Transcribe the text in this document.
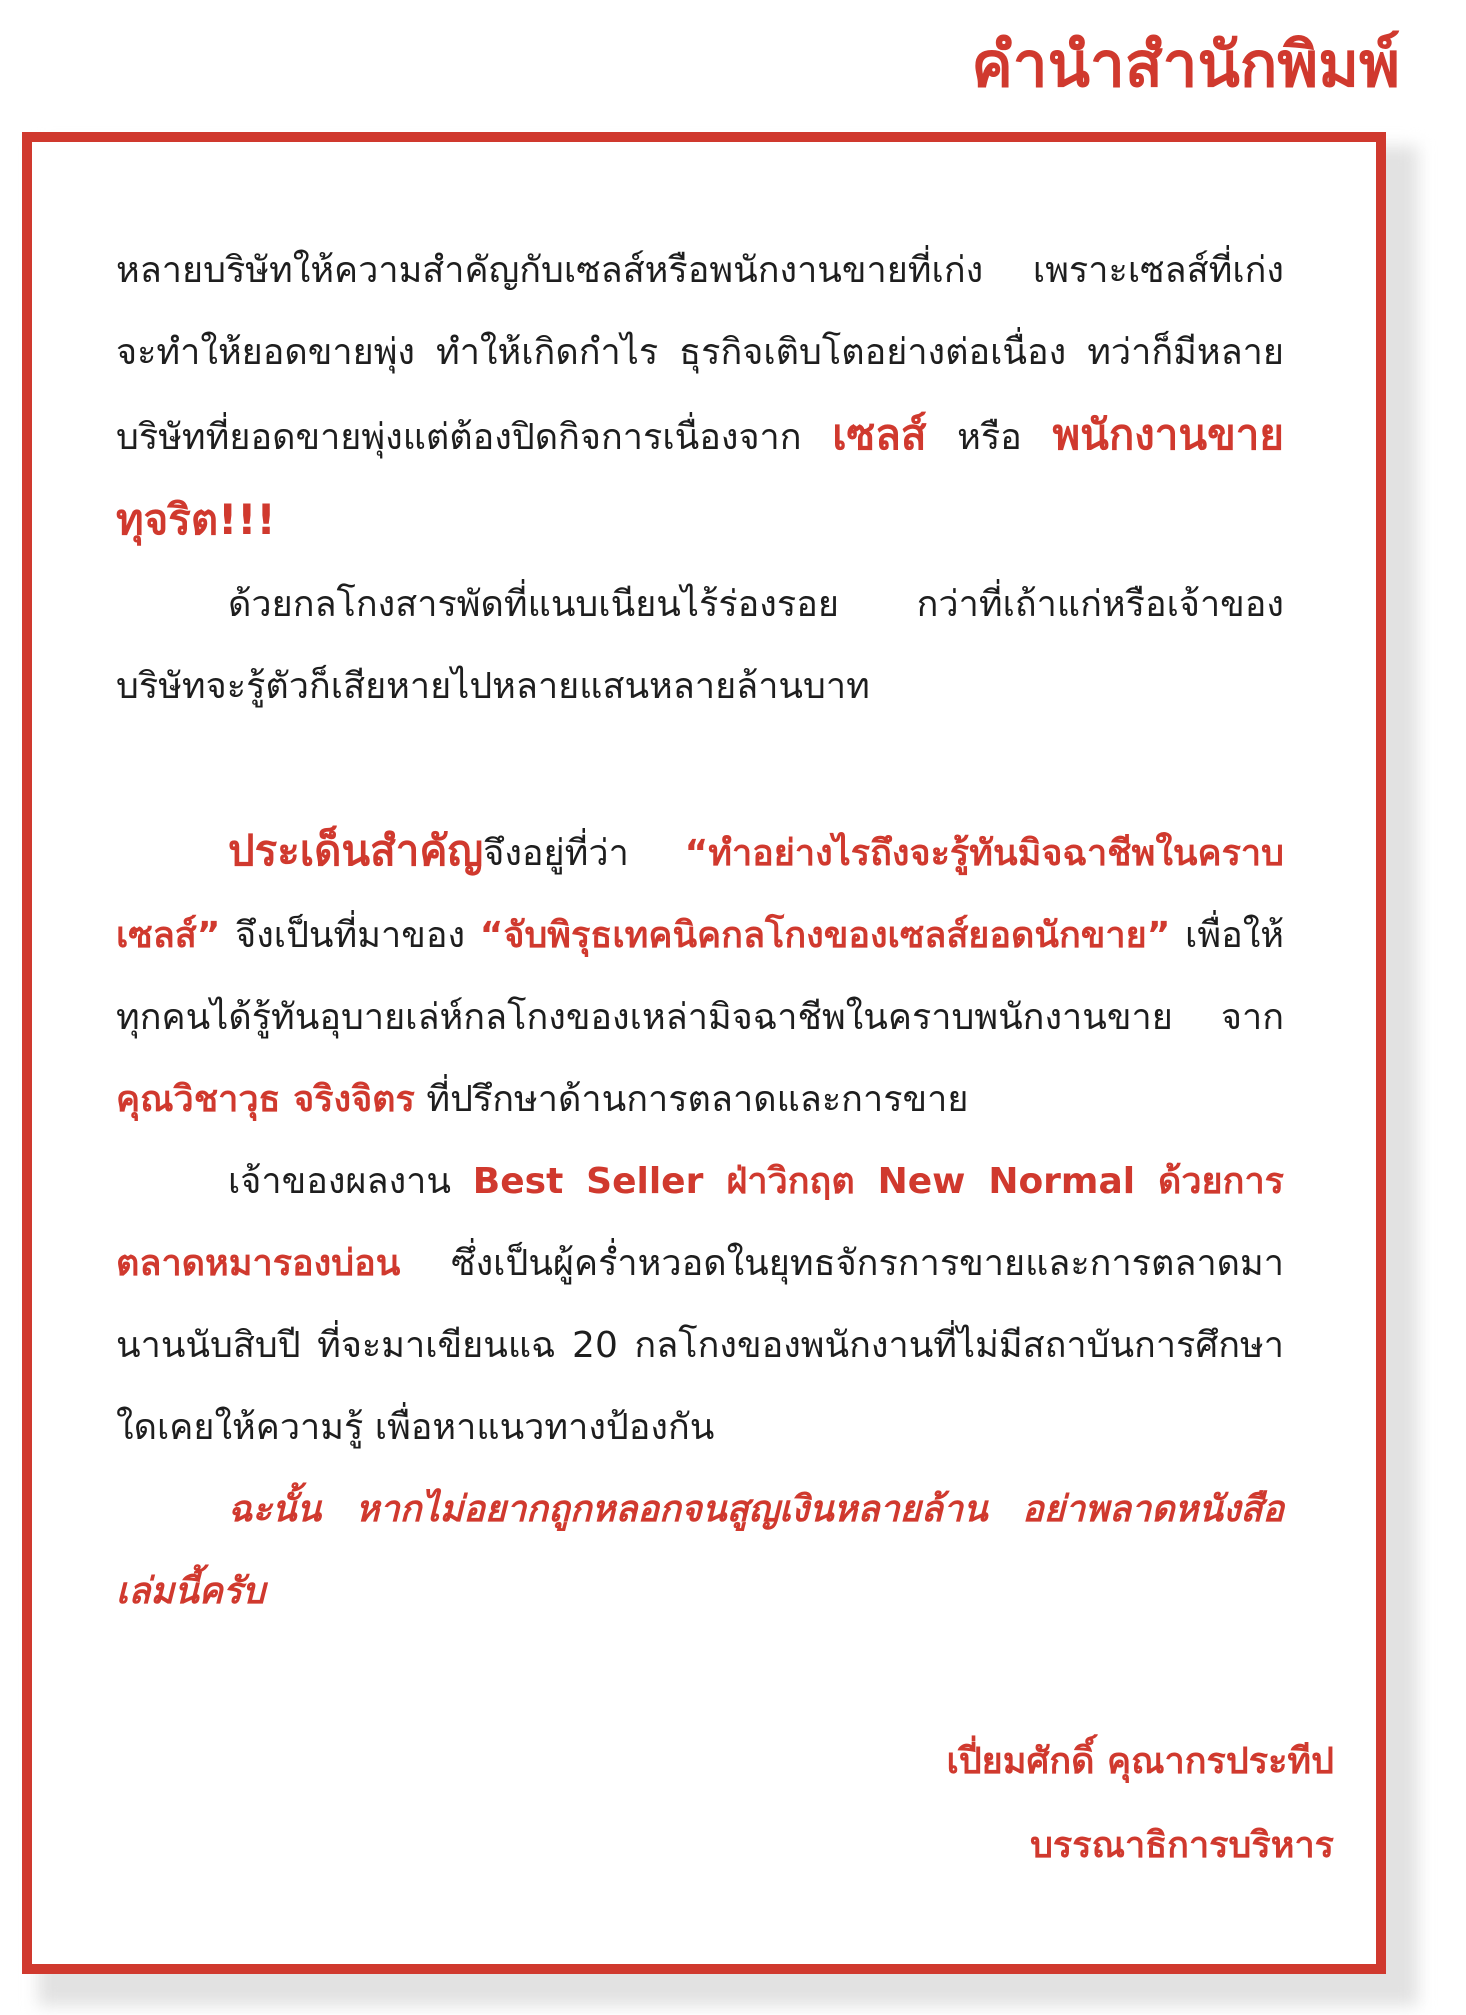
คำนำสำนักพิมพ์

หลายบริษัทให้ความสำคัญกับเซลส์หรือพนักงานขายที่เก่ง เพราะเซลส์ที่เก่งจะทำให้ยอดขายพุ่ง ทำให้เกิดกำไร ธุรกิจเติบโตอย่างต่อเนื่อง ทว่าก็มีหลายบริษัทที่ยอดขายพุ่งแต่ต้องปิดกิจการเนื่องจาก เซลส์ หรือ พนักงานขายทุจริต!!!

ด้วยกลโกงสารพัดที่แนบเนียนไร้ร่องรอย กว่าที่เถ้าแก่หรือเจ้าของบริษัทจะรู้ตัวก็เสียหายไปหลายแสนหลายล้านบาท

ประเด็นสำคัญจึงอยู่ที่ว่า “ทำอย่างไรถึงจะรู้ทันมิจฉาชีพในคราบเซลส์” จึงเป็นที่มาของ “จับพิรุธเทคนิคกลโกงของเซลส์ยอดนักขาย” เพื่อให้ทุกคนได้รู้ทันอุบายเล่ห์กลโกงของเหล่ามิจฉาชีพในคราบพนักงานขาย จากคุณวิชาวุธ จริงจิตร ที่ปรึกษาด้านการตลาดและการขาย

เจ้าของผลงาน Best Seller ฝ่าวิกฤต New Normal ด้วยการตลาดหมารองบ่อน ซึ่งเป็นผู้คร่ำหวอดในยุทธจักรการขายและการตลาดมานานนับสิบปี ที่จะมาเขียนแฉ 20 กลโกงของพนักงานที่ไม่มีสถาบันการศึกษาใดเคยให้ความรู้ เพื่อหาแนวทางป้องกัน

ฉะนั้น หากไม่อยากถูกหลอกจนสูญเงินหลายล้าน อย่าพลาดหนังสือเล่มนี้ครับ

เปี่ยมศักดิ์ คุณากรประทีป
บรรณาธิการบริหาร
